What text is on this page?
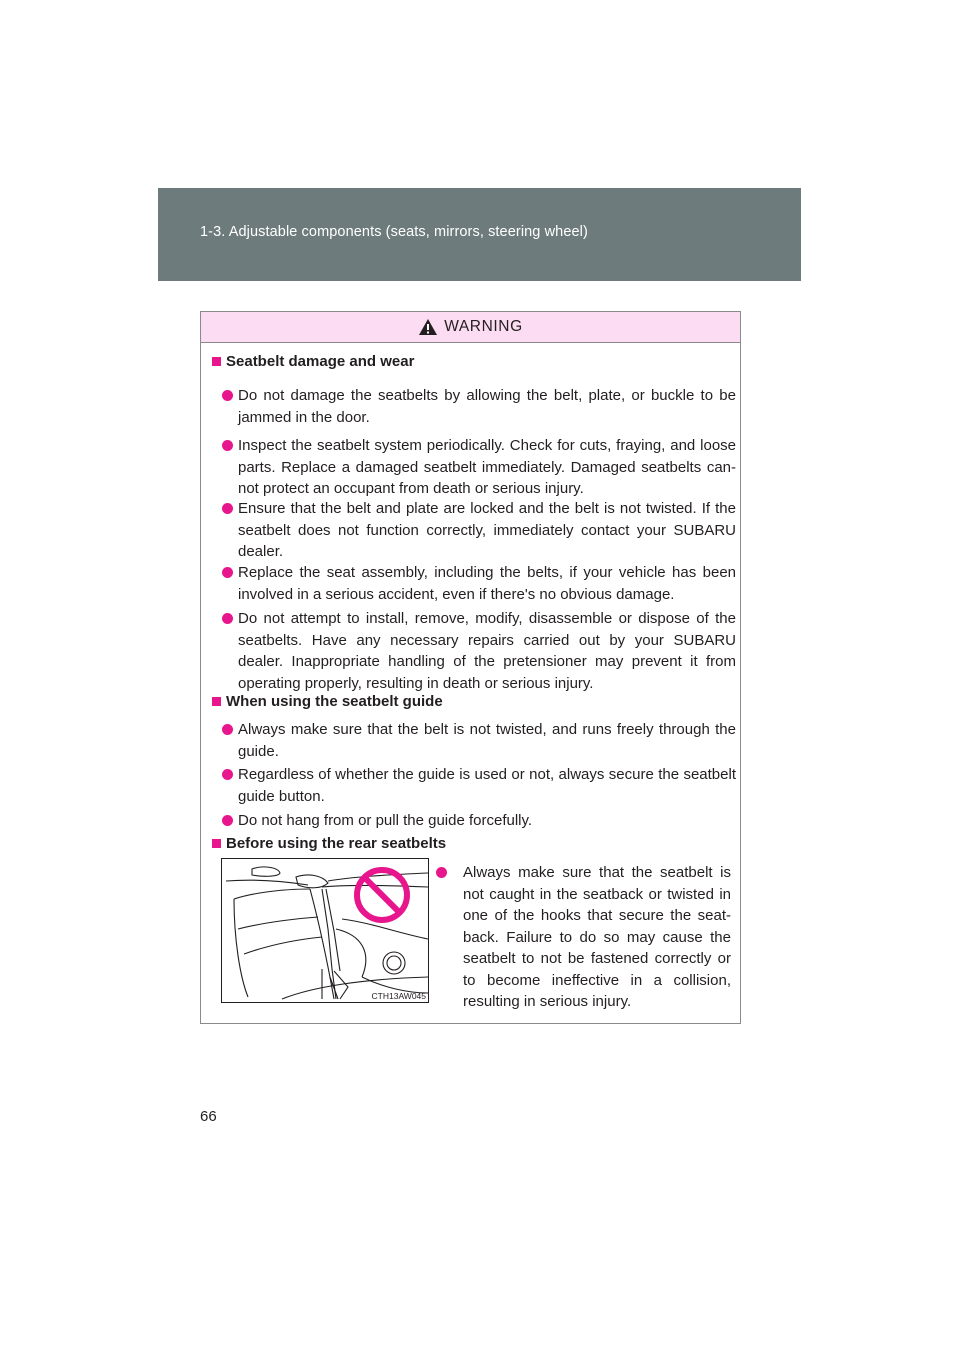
1-3. Adjustable components (seats, mirrors, steering wheel)
WARNING
Seatbelt damage and wear
Do not damage the seatbelts by allowing the belt, plate, or buckle to be jammed in the door.
Inspect the seatbelt system periodically. Check for cuts, fraying, and loose parts. Replace a damaged seatbelt immediately. Damaged seatbelts can-not protect an occupant from death or serious injury.
Ensure that the belt and plate are locked and the belt is not twisted. If the seatbelt does not function correctly, immediately contact your SUBARU dealer.
Replace the seat assembly, including the belts, if your vehicle has been involved in a serious accident, even if there's no obvious damage.
Do not attempt to install, remove, modify, disassemble or dispose of the seatbelts. Have any necessary repairs carried out by your SUBARU dealer. Inappropriate handling of the pretensioner may prevent it from operating properly, resulting in death or serious injury.
When using the seatbelt guide
Always make sure that the belt is not twisted, and runs freely through the guide.
Regardless of whether the guide is used or not, always secure the seatbelt guide button.
Do not hang from or pull the guide forcefully.
Before using the rear seatbelts
CTH13AW045
Always make sure that the seatbelt is not caught in the seatback or twisted in one of the hooks that secure the seat-back. Failure to do so may cause the seatbelt to not be fastened correctly or to become ineffective in a collision, resulting in serious injury.
66
